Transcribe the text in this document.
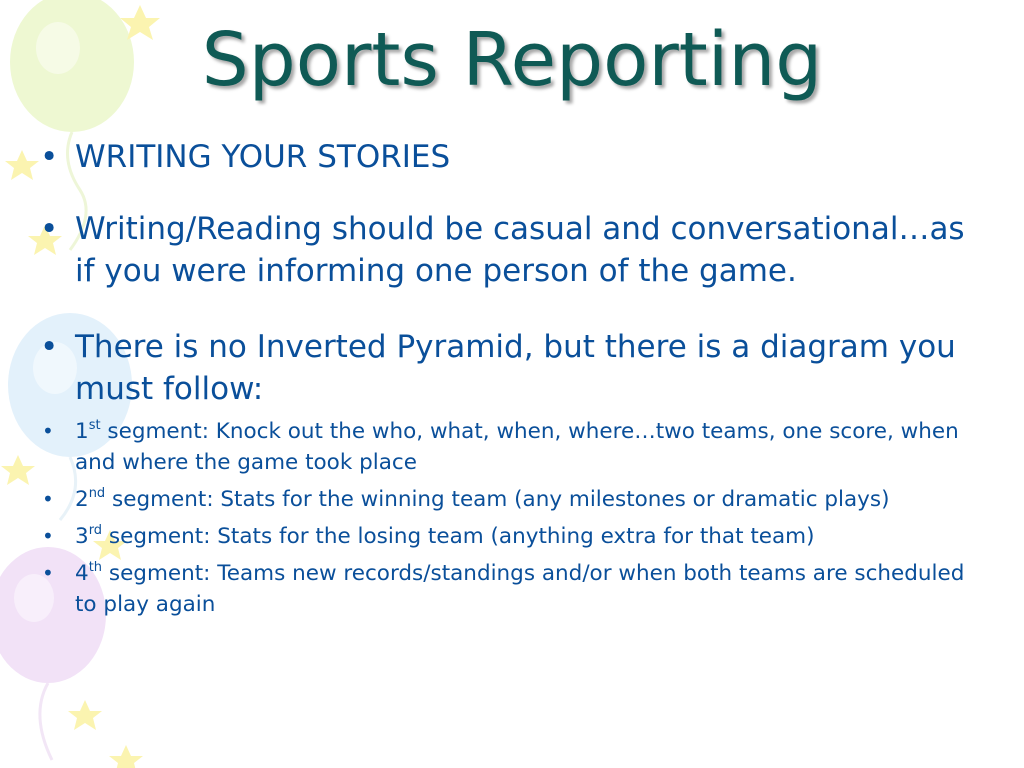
Sports Reporting
• WRITING YOUR STORIES
• Writing/Reading should be casual and conversational…as if you were informing one person of the game.
• There is no Inverted Pyramid, but there is a diagram you must follow:
• 1st segment: Knock out the who, what, when, where…two teams, one score, when and where the game took place
• 2nd segment: Stats for the winning team (any milestones or dramatic plays)
• 3rd segment: Stats for the losing team (anything extra for that team)
• 4th segment: Teams new records/standings and/or when both teams are scheduled to play again
